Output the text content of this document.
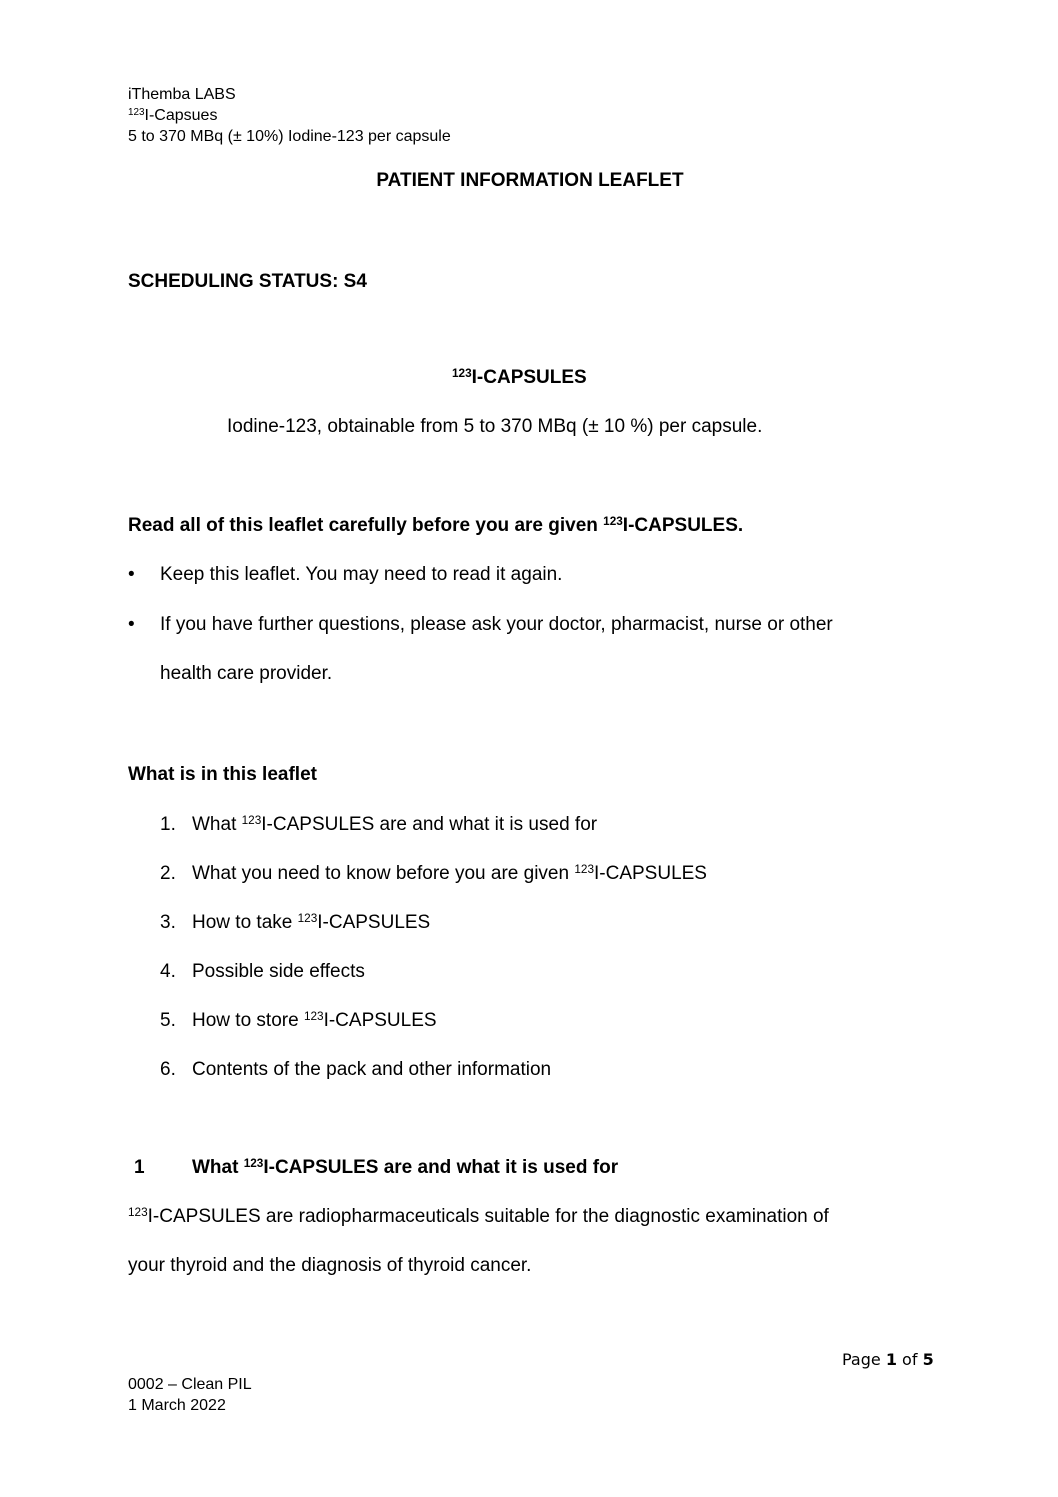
iThemba LABS
$^{123}$I-Capsues
5 to 370 MBq (± 10%) Iodine-123 per capsule
PATIENT INFORMATION LEAFLET
SCHEDULING STATUS: S4
$^{123}$I-CAPSULES
Iodine-123, obtainable from 5 to 370 MBq (± 10 %) per capsule.
Read all of this leaflet carefully before you are given $^{123}$I-CAPSULES.
• Keep this leaflet. You may need to read it again.
• If you have further questions, please ask your doctor, pharmacist, nurse or other
health care provider.
What is in this leaflet
1. What $^{123}$I-CAPSULES are and what it is used for
2. What you need to know before you are given $^{123}$I-CAPSULES
3. How to take $^{123}$I-CAPSULES
4. Possible side effects
5. How to store $^{123}$I-CAPSULES
6. Contents of the pack and other information
1 What $^{123}$I-CAPSULES are and what it is used for
$^{123}$I-CAPSULES are radiopharmaceuticals suitable for the diagnostic examination of
your thyroid and the diagnosis of thyroid cancer.
Page 1 of 5
0002 – Clean PIL
1 March 2022
